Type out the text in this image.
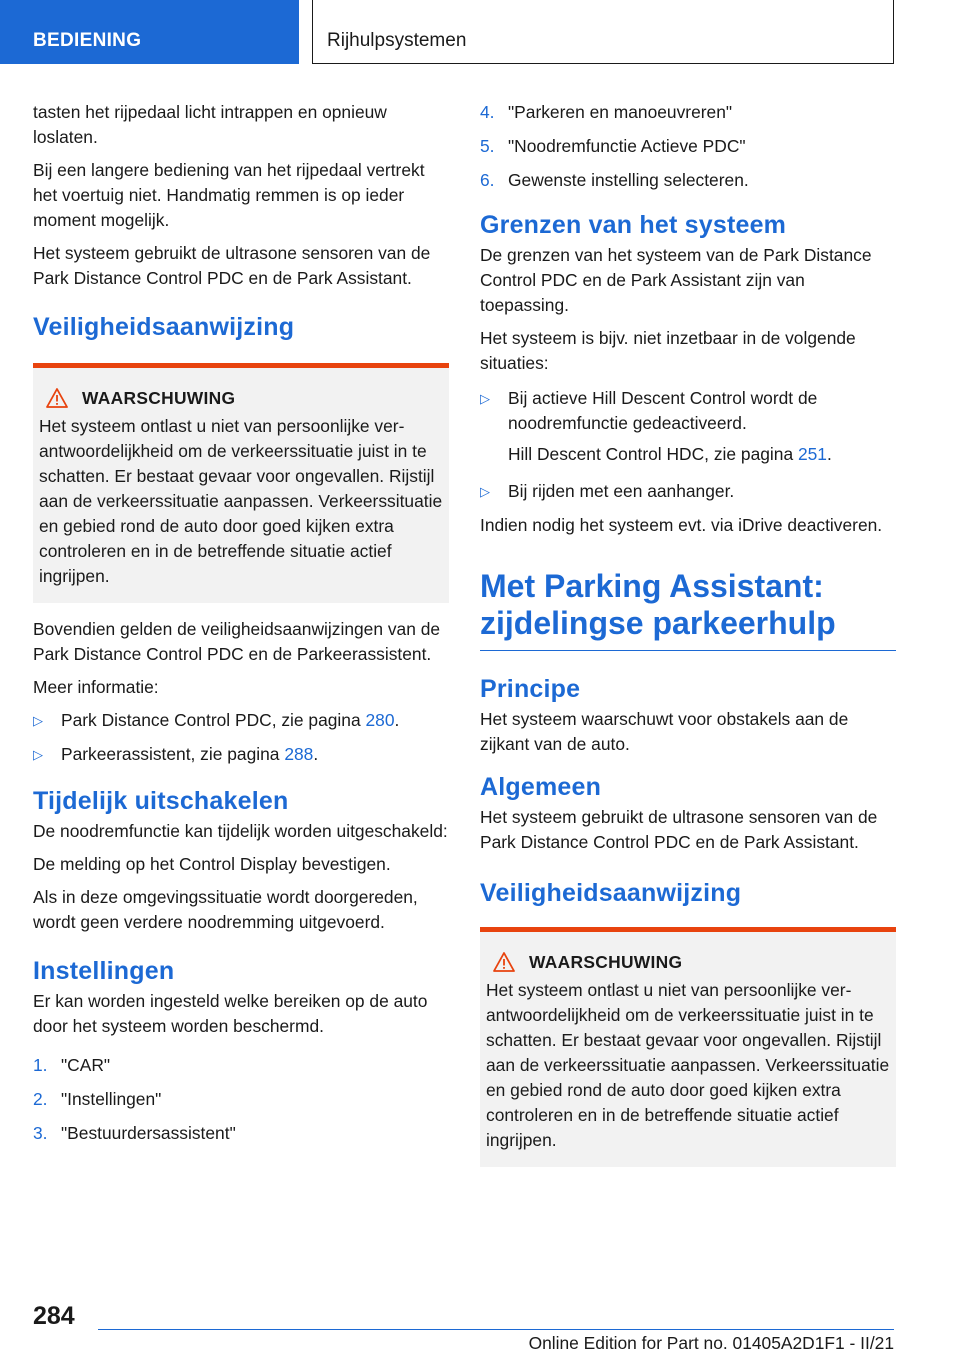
BEDIENING	Rijhulpsystemen

tasten het rijpedaal licht intrappen en opnieuw loslaten.

Bij een langere bediening van het rijpedaal vertrekt het voertuig niet. Handmatig remmen is op ieder moment mogelijk.

Het systeem gebruikt de ultrasone sensoren van de Park Distance Control PDC en de Park Assistant.

Veiligheidsaanwijzing
WAARSCHUWING

Het systeem ontlast u niet van persoonlijke verantwoordelijkheid om de verkeerssituatie juist in te schatten. Er bestaat gevaar voor ongevallen. Rijstijl aan de verkeerssituatie aanpassen. Verkeerssituatie en gebied rond de auto door goed kijken extra controleren en in de betreffende situatie actief ingrijpen.

Bovendien gelden de veiligheidsaanwijzingen van de Park Distance Control PDC en de Parkeerassistent.

Meer informatie:

▷	Park Distance Control PDC, zie pagina 280.
▷	Parkeerassistent, zie pagina 288.
Tijdelijk uitschakelen

De noodremfunctie kan tijdelijk worden uitgeschakeld:

De melding op het Control Display bevestigen.

Als in deze omgevingssituatie wordt doorgereden, wordt geen verdere noodremming uitgevoerd.

Instellingen

Er kan worden ingesteld welke bereiken op de auto door het systeem worden beschermd.

1. "CAR"
2. "Instellingen"
3. "Bestuurdersassistent"
4. "Parkeren en manoeuvreren"
5. "Noodremfunctie Actieve PDC"
6. Gewenste instelling selecteren.
Grenzen van het systeem

De grenzen van het systeem van de Park Distance Control PDC en de Park Assistant zijn van toepassing.

Het systeem is bijv. niet inzetbaar in de volgende situaties:

▷	Bij actieve Hill Descent Control wordt de noodremfunctie gedeactiveerd.

Hill Descent Control HDC, zie pagina 251.

▷	Bij rijden met een aanhanger.

Indien nodig het systeem evt. via iDrive deactiveren.

Met Parking Assistant: zijdelingse parkeerhulp
Principe

Het systeem waarschuwt voor obstakels aan de zijkant van de auto.

Algemeen

Het systeem gebruikt de ultrasone sensoren van de Park Distance Control PDC en de Park Assistant.

Veiligheidsaanwijzing
WAARSCHUWING

Het systeem ontlast u niet van persoonlijke verantwoordelijkheid om de verkeerssituatie juist in te schatten. Er bestaat gevaar voor ongevallen. Rijstijl aan de verkeerssituatie aanpassen. Verkeerssituatie en gebied rond de auto door goed kijken extra controleren en in de betreffende situatie actief ingrijpen.

284
Online Edition for Part no. 01405A2D1F1 - II/21
